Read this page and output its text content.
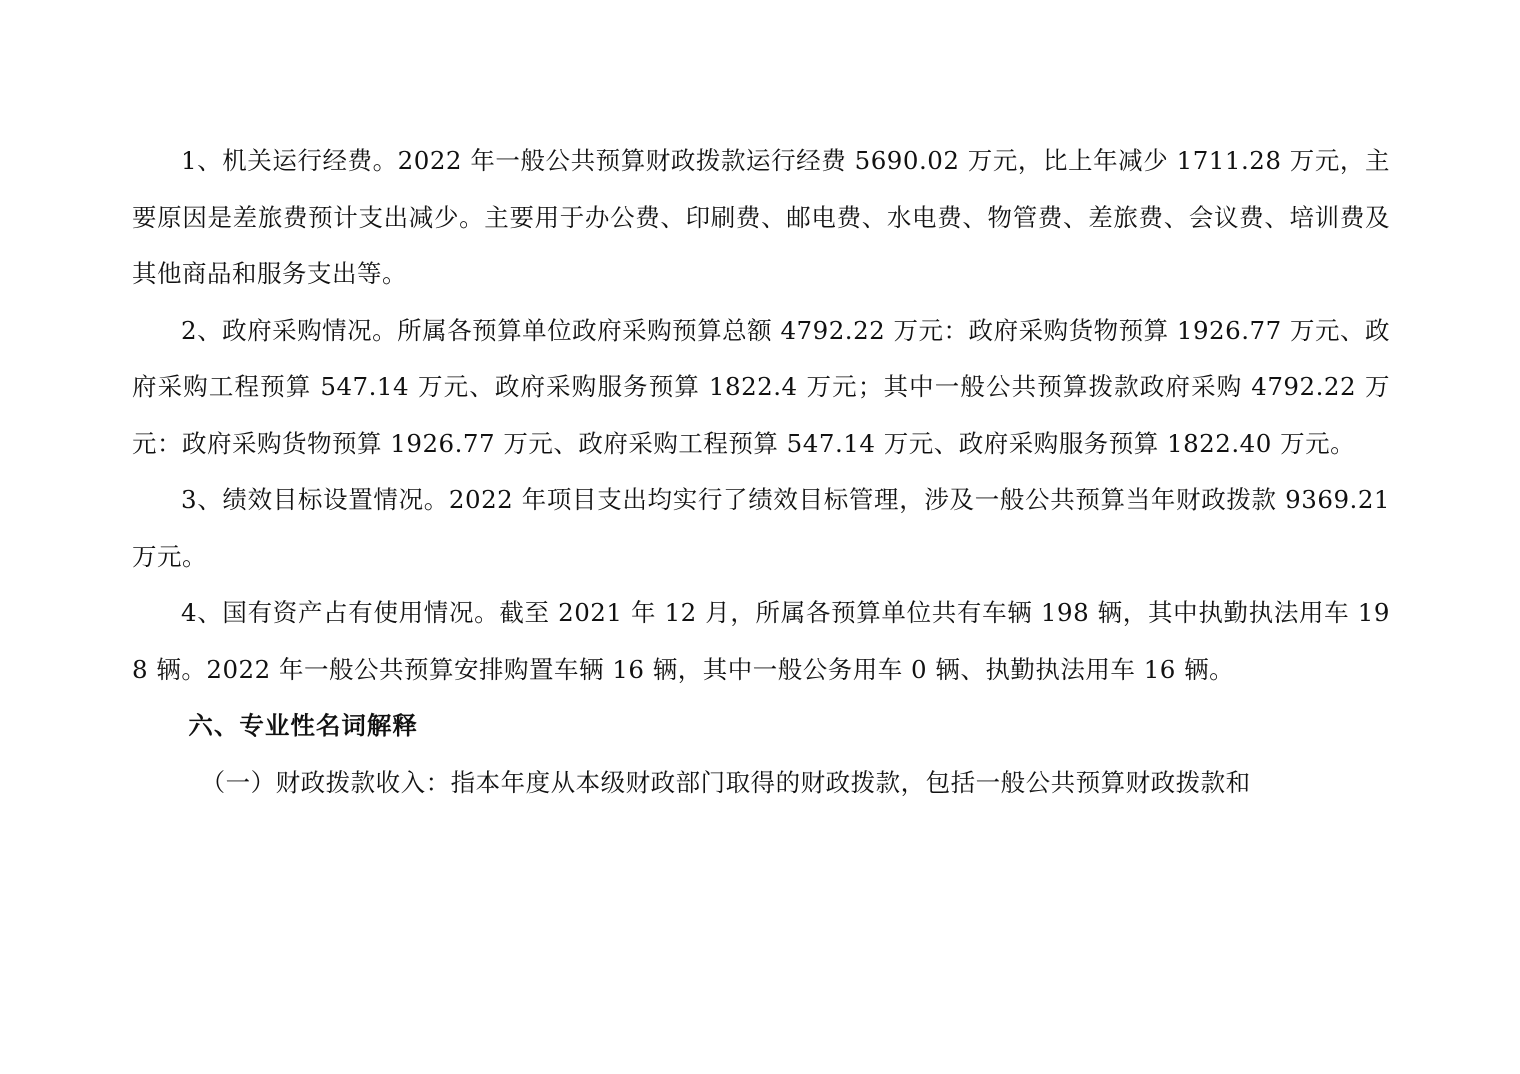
1、机关运行经费。2022 年一般公共预算财政拨款运行经费 5690.02 万元，比上年减少 1711.28 万元，主要原因是差旅费预计支出减少。主要用于办公费、印刷费、邮电费、水电费、物管费、差旅费、会议费、培训费及其他商品和服务支出等。

2、政府采购情况。所属各预算单位政府采购预算总额 4792.22 万元：政府采购货物预算 1926.77 万元、政府采购工程预算 547.14 万元、政府采购服务预算 1822.4 万元；其中一般公共预算拨款政府采购 4792.22 万元：政府采购货物预算 1926.77 万元、政府采购工程预算 547.14 万元、政府采购服务预算 1822.40 万元。

3、绩效目标设置情况。2022 年项目支出均实行了绩效目标管理，涉及一般公共预算当年财政拨款 9369.21 万元。

4、国有资产占有使用情况。截至 2021 年 12 月，所属各预算单位共有车辆 198 辆，其中执勤执法用车 198 辆。2022 年一般公共预算安排购置车辆 16 辆，其中一般公务用车 0 辆、执勤执法用车 16 辆。

六、专业性名词解释

（一）财政拨款收入：指本年度从本级财政部门取得的财政拨款，包括一般公共预算财政拨款和
